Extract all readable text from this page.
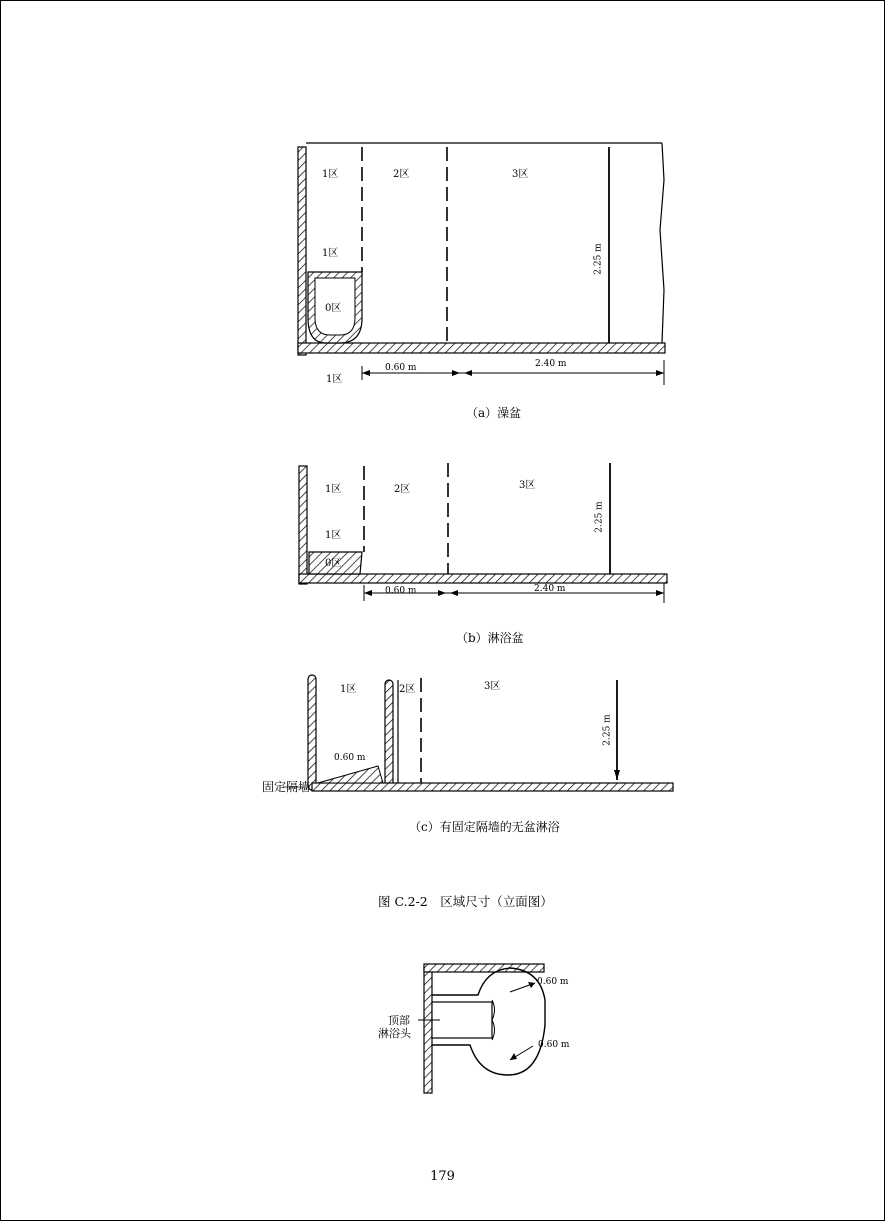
1区	2区	3区
1区
0区
1区
2.25 m
0.60 m	2.40 m
（a）澡盆
1区	2区	3区
1区
0区
2.25 m
0.60 m	2.40 m
（b）淋浴盆
1区	2区	3区
0.60 m
2.25 m
固定隔墙
（c）有固定隔墙的无盆淋浴
图 C.2-2　区域尺寸（立面图）
0.60 m
0.60 m
顶部
淋浴头
179
